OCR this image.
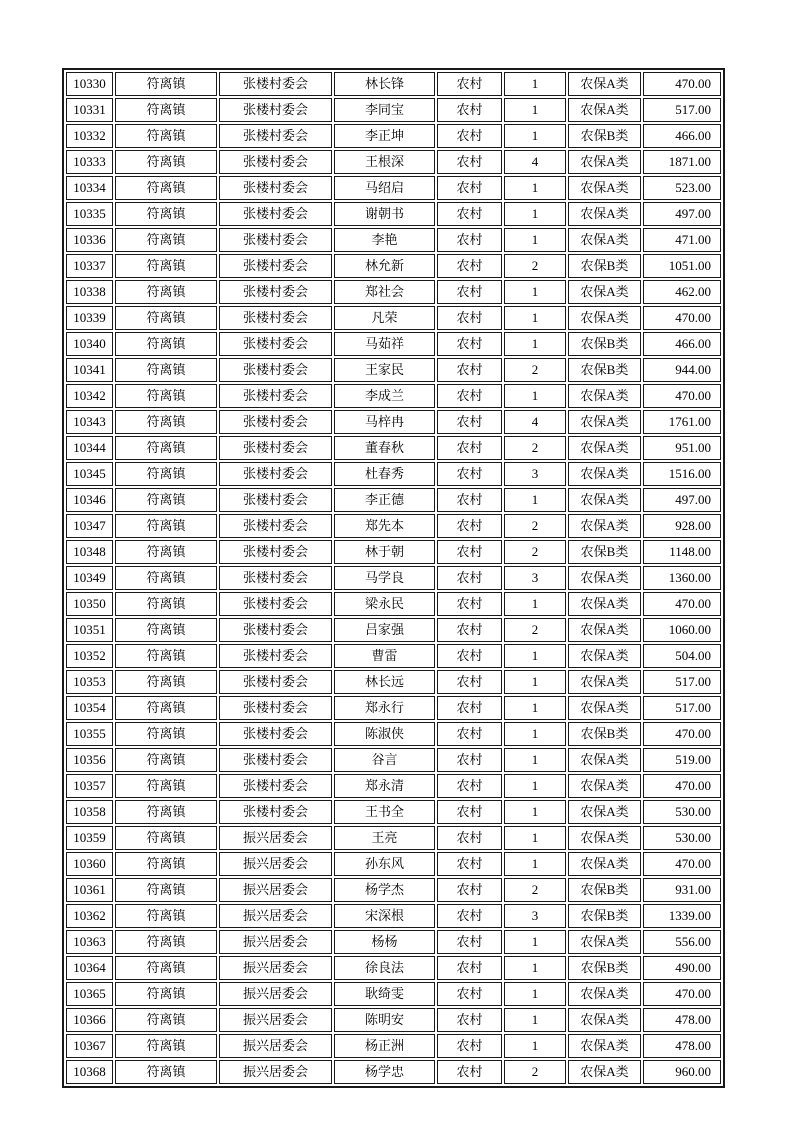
10330	符离镇	张楼村委会	林长锋	农村	1	农保A类	470.00
10331	符离镇	张楼村委会	李同宝	农村	1	农保A类	517.00
10332	符离镇	张楼村委会	李正坤	农村	1	农保B类	466.00
10333	符离镇	张楼村委会	王根深	农村	4	农保A类	1871.00
10334	符离镇	张楼村委会	马绍启	农村	1	农保A类	523.00
10335	符离镇	张楼村委会	谢朝书	农村	1	农保A类	497.00
10336	符离镇	张楼村委会	李艳	农村	1	农保A类	471.00
10337	符离镇	张楼村委会	林允新	农村	2	农保B类	1051.00
10338	符离镇	张楼村委会	郑社会	农村	1	农保A类	462.00
10339	符离镇	张楼村委会	凡荣	农村	1	农保A类	470.00
10340	符离镇	张楼村委会	马茹祥	农村	1	农保B类	466.00
10341	符离镇	张楼村委会	王家民	农村	2	农保B类	944.00
10342	符离镇	张楼村委会	李成兰	农村	1	农保A类	470.00
10343	符离镇	张楼村委会	马梓冉	农村	4	农保A类	1761.00
10344	符离镇	张楼村委会	董春秋	农村	2	农保A类	951.00
10345	符离镇	张楼村委会	杜春秀	农村	3	农保A类	1516.00
10346	符离镇	张楼村委会	李正德	农村	1	农保A类	497.00
10347	符离镇	张楼村委会	郑先本	农村	2	农保A类	928.00
10348	符离镇	张楼村委会	林于朝	农村	2	农保B类	1148.00
10349	符离镇	张楼村委会	马学良	农村	3	农保A类	1360.00
10350	符离镇	张楼村委会	梁永民	农村	1	农保A类	470.00
10351	符离镇	张楼村委会	吕家强	农村	2	农保A类	1060.00
10352	符离镇	张楼村委会	曹雷	农村	1	农保A类	504.00
10353	符离镇	张楼村委会	林长远	农村	1	农保A类	517.00
10354	符离镇	张楼村委会	郑永行	农村	1	农保A类	517.00
10355	符离镇	张楼村委会	陈淑侠	农村	1	农保B类	470.00
10356	符离镇	张楼村委会	谷言	农村	1	农保A类	519.00
10357	符离镇	张楼村委会	郑永清	农村	1	农保A类	470.00
10358	符离镇	张楼村委会	王书全	农村	1	农保A类	530.00
10359	符离镇	振兴居委会	王亮	农村	1	农保A类	530.00
10360	符离镇	振兴居委会	孙东风	农村	1	农保A类	470.00
10361	符离镇	振兴居委会	杨学杰	农村	2	农保B类	931.00
10362	符离镇	振兴居委会	宋深根	农村	3	农保B类	1339.00
10363	符离镇	振兴居委会	杨杨	农村	1	农保A类	556.00
10364	符离镇	振兴居委会	徐良法	农村	1	农保B类	490.00
10365	符离镇	振兴居委会	耿绮雯	农村	1	农保A类	470.00
10366	符离镇	振兴居委会	陈明安	农村	1	农保A类	478.00
10367	符离镇	振兴居委会	杨正洲	农村	1	农保A类	478.00
10368	符离镇	振兴居委会	杨学忠	农村	2	农保A类	960.00
